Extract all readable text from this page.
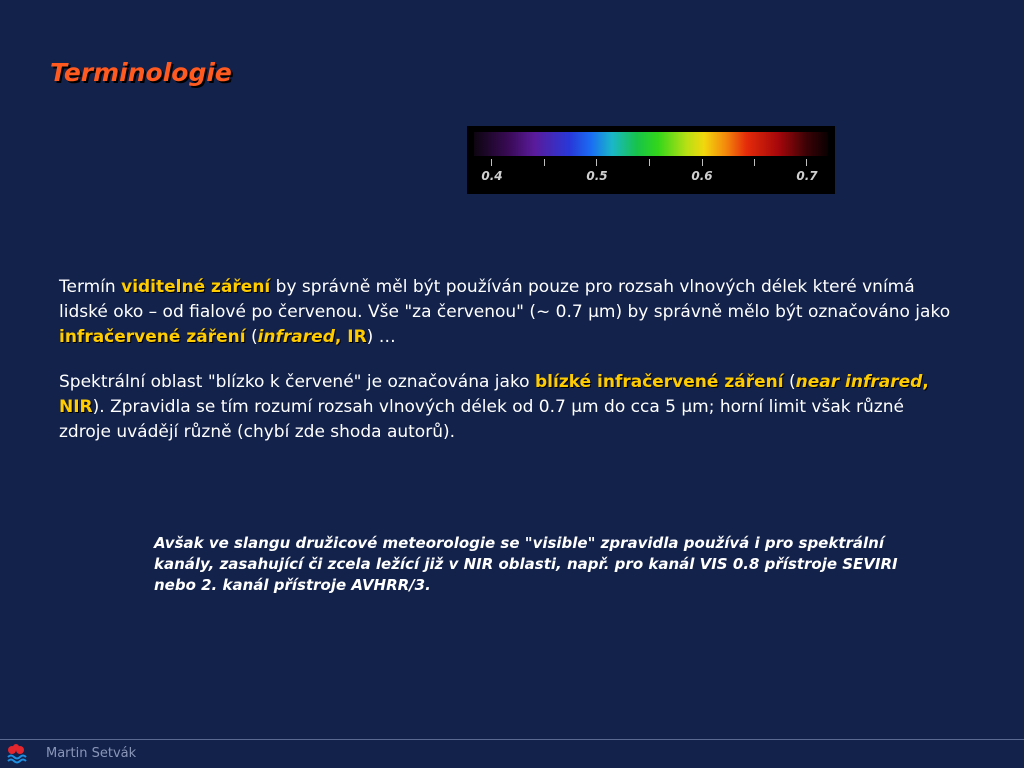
Terminologie
0.4	0.5	0.6	0.7

Termín viditelné záření by správně měl být používán pouze pro rozsah vlnových délek které vnímá lidské oko – od fialové po červenou. Vše "za červenou" (~ 0.7 µm) by správně mělo být označováno jako infračervené záření (infrared, IR) …

Spektrální oblast "blízko k červené" je označována jako blízké infračervené záření (near infrared, NIR). Zpravidla se tím rozumí rozsah vlnových délek od 0.7 µm do cca 5 µm; horní limit však různé zdroje uvádějí různě (chybí zde shoda autorů).

Avšak ve slangu družicové meteorologie se "visible" zpravidla používá i pro spektrální kanály, zasahující či zcela ležící již v NIR oblasti, např. pro kanál VIS 0.8 přístroje SEVIRI nebo 2. kanál přístroje AVHRR/3.

Martin Setvák
